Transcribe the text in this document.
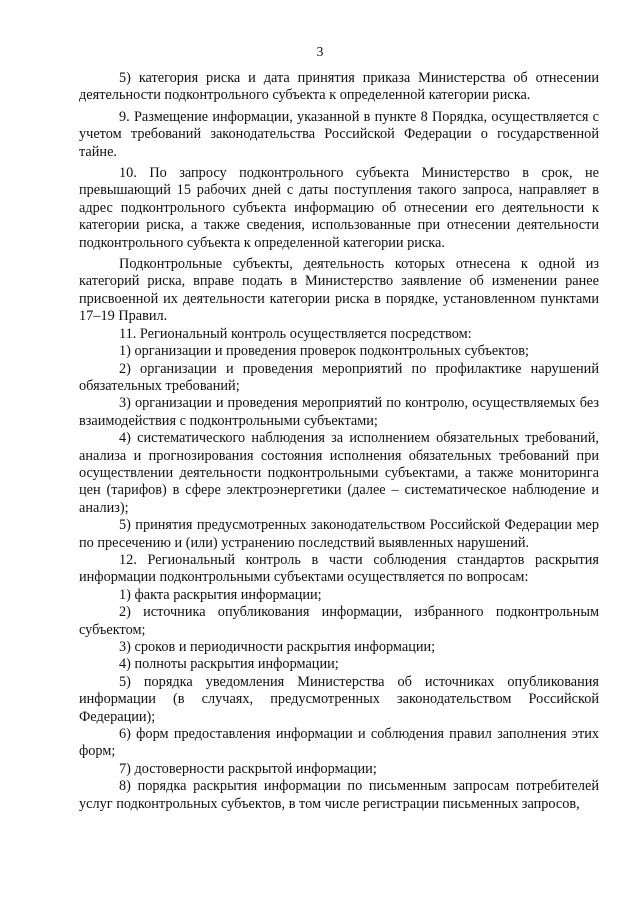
3

5) категория риска и дата принятия приказа Министерства об отнесении деятельности подконтрольного субъекта к определенной категории риска.

9. Размещение информации, указанной в пункте 8 Порядка, осуществляется с учетом требований законодательства Российской Федерации о государственной тайне.

10. По запросу подконтрольного субъекта Министерство в срок, не превышающий 15 рабочих дней с даты поступления такого запроса, направляет в адрес подконтрольного субъекта информацию об отнесении его деятельности к категории риска, а также сведения, использованные при отнесении деятельности подконтрольного субъекта к определенной категории риска.

Подконтрольные субъекты, деятельность которых отнесена к одной из категорий риска, вправе подать в Министерство заявление об изменении ранее присвоенной их деятельности категории риска в порядке, установленном пунктами 17–19 Правил.

11. Региональный контроль осуществляется посредством:

1) организации и проведения проверок подконтрольных субъектов;

2) организации и проведения мероприятий по профилактике нарушений обязательных требований;

3) организации и проведения мероприятий по контролю, осуществляемых без взаимодействия с подконтрольными субъектами;

4) систематического наблюдения за исполнением обязательных требований, анализа и прогнозирования состояния исполнения обязательных требований при осуществлении деятельности подконтрольными субъектами, а также мониторинга цен (тарифов) в сфере электроэнергетики (далее – систематическое наблюдение и анализ);

5) принятия предусмотренных законодательством Российской Федерации мер по пресечению и (или) устранению последствий выявленных нарушений.

12. Региональный контроль в части соблюдения стандартов раскрытия информации подконтрольными субъектами осуществляется по вопросам:

1) факта раскрытия информации;

2) источника опубликования информации, избранного подконтрольным субъектом;

3) сроков и периодичности раскрытия информации;

4) полноты раскрытия информации;

5) порядка уведомления Министерства об источниках опубликования информации (в случаях, предусмотренных законодательством Российской Федерации);

6) форм предоставления информации и соблюдения правил заполнения этих форм;

7) достоверности раскрытой информации;

8) порядка раскрытия информации по письменным запросам потребителей услуг подконтрольных субъектов, в том числе регистрации письменных запросов,
